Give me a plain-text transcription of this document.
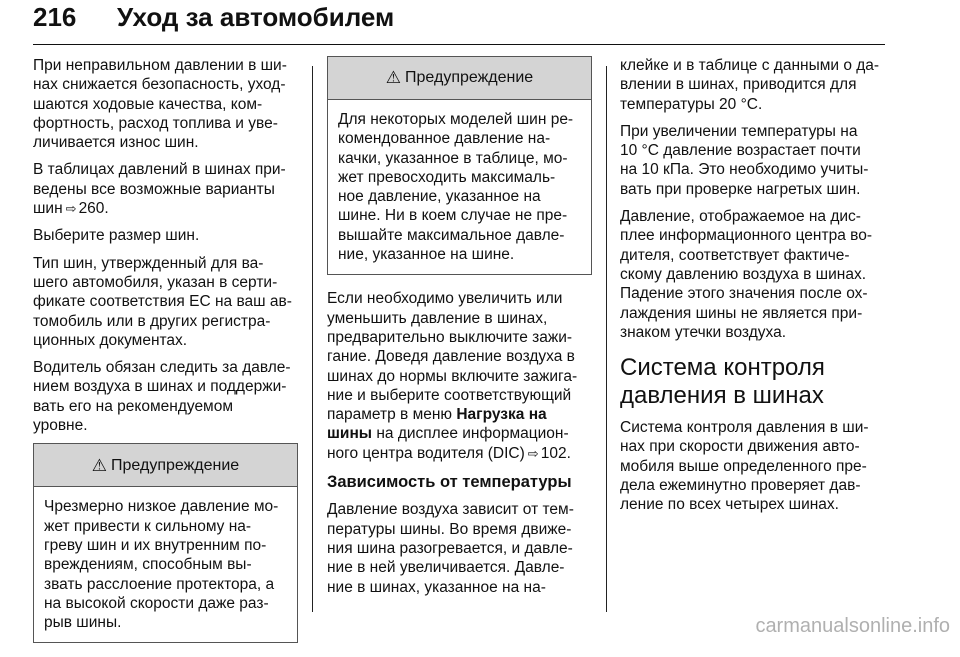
216 Уход за автомобилем

При неправильном давлении в ши-
нах снижается безопасность, уход-
шаются ходовые качества, ком-
фортность, расход топлива и уве-
личивается износ шин.

В таблицах давлений в шинах при-
ведены все возможные варианты
шин ⇨ 260.

Выберите размер шин.

Тип шин, утвержденный для ва-
шего автомобиля, указан в серти-
фикате соответствия ЕС на ваш ав-
томобиль или в других регистра-
ционных документах.

Водитель обязан следить за давле-
нием воздуха в шинах и поддержи-
вать его на рекомендуемом
уровне.

⚠ Предупреждение
Чрезмерно низкое давление мо-
жет привести к сильному на-
греву шин и их внутренним по-
вреждениям, способным вы-
звать расслоение протектора, а
на высокой скорости даже раз-
рыв шины.
⚠ Предупреждение
Для некоторых моделей шин ре-
комендованное давление на-
качки, указанное в таблице, мо-
жет превосходить максималь-
ное давление, указанное на
шине. Ни в коем случае не пре-
вышайте максимальное давле-
ние, указанное на шине.

Если необходимо увеличить или
уменьшить давление в шинах,
предварительно выключите зажи-
гание. Доведя давление воздуха в
шинах до нормы включите зажига-
ние и выберите соответствующий
параметр в меню Нагрузка на
шины на дисплее информацион-
ного центра водителя (DIC) ⇨ 102.

Зависимость от температуры

Давление воздуха зависит от тем-
пературы шины. Во время движе-
ния шина разогревается, и давле-
ние в ней увеличивается. Давле-
ние в шинах, указанное на на-

клейке и в таблице с данными о да-
влении в шинах, приводится для
температуры 20 °C.

При увеличении температуры на
10 °C давление возрастает почти
на 10 кПа. Это необходимо учиты-
вать при проверке нагретых шин.

Давление, отображаемое на дис-
плее информационного центра во-
дителя, соответствует фактиче-
скому давлению воздуха в шинах.
Падение этого значения после ох-
лаждения шины не является при-
знаком утечки воздуха.

Система контроля
давления в шинах

Система контроля давления в ши-
нах при скорости движения авто-
мобиля выше определенного пре-
дела ежеминутно проверяет дав-
ление по всех четырех шинах.

carmanualsonline.info
